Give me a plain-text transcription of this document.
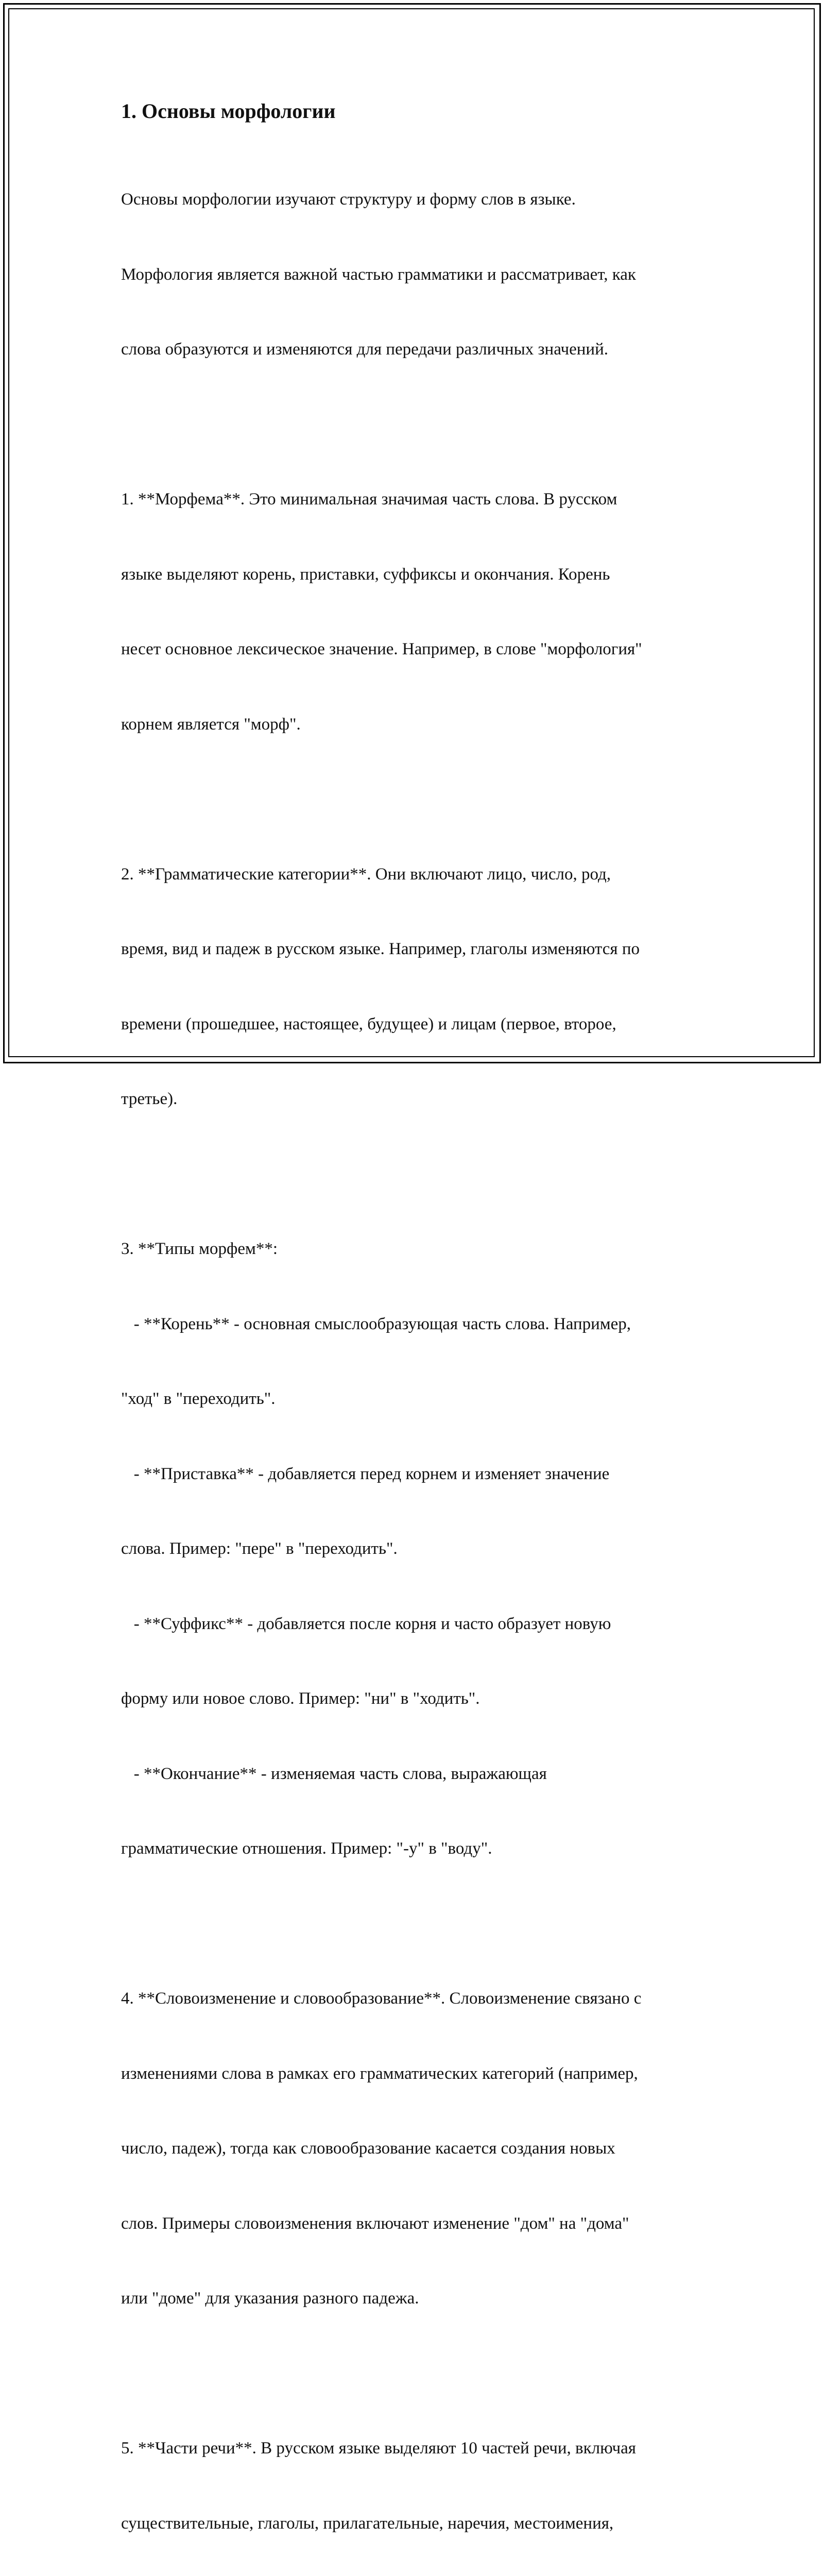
1. Основы морфологии

Основы морфологии изучают структуру и форму слов в языке.

Морфология является важной частью грамматики и рассматривает, как

слова образуются и изменяются для передачи различных значений.

1. **Морфема**. Это минимальная значимая часть слова. В русском

языке выделяют корень, приставки, суффиксы и окончания. Корень

несет основное лексическое значение. Например, в слове "морфология"

корнем является "морф".

2. **Грамматические категории**. Они включают лицо, число, род,

время, вид и падеж в русском языке. Например, глаголы изменяются по

времени (прошедшее, настоящее, будущее) и лицам (первое, второе,

третье).

3. **Типы морфем**:

- **Корень** - основная смыслообразующая часть слова. Например,

"ход" в "переходить".

- **Приставка** - добавляется перед корнем и изменяет значение

слова. Пример: "пере" в "переходить".

- **Суффикс** - добавляется после корня и часто образует новую

форму или новое слово. Пример: "ни" в "ходить".

- **Окончание** - изменяемая часть слова, выражающая

грамматические отношения. Пример: "-у" в "воду".

4. **Словоизменение и словообразование**. Словоизменение связано с

изменениями слова в рамках его грамматических категорий (например,

число, падеж), тогда как словообразование касается создания новых

слов. Примеры словоизменения включают изменение "дом" на "дома"

или "доме" для указания разного падежа.

5. **Части речи**. В русском языке выделяют 10 частей речи, включая

существительные, глаголы, прилагательные, наречия, местоимения,
